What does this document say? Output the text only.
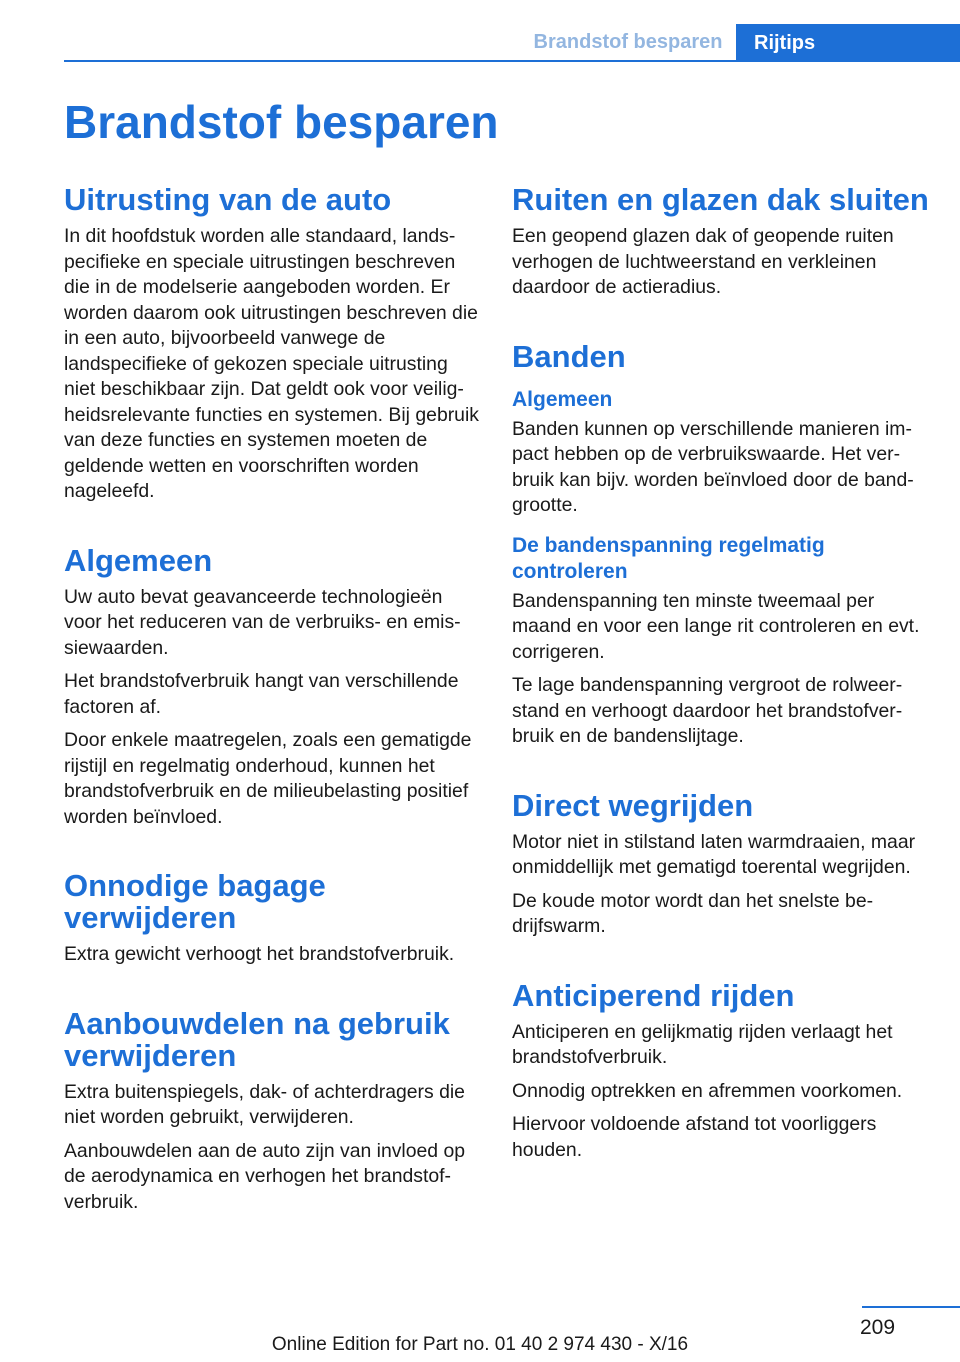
Brandstof besparen	Rijtips
Brandstof besparen
Uitrusting van de auto

In dit hoofdstuk worden alle standaard, landspecifieke en speciale uitrustingen beschreven die in de modelserie aangeboden worden. Er worden daarom ook uitrustingen beschreven die in een auto, bijvoorbeeld vanwege de landspecifieke of gekozen speciale uitrusting niet beschikbaar zijn. Dat geldt ook voor veiligheidsrelevante functies en systemen. Bij gebruik van deze functies en systemen moeten de geldende wetten en voorschriften worden nageleefd.

Algemeen

Uw auto bevat geavanceerde technologieën voor het reduceren van de verbruiks- en emissiewaarden.

Het brandstofverbruik hangt van verschillende factoren af.

Door enkele maatregelen, zoals een gematigde rijstijl en regelmatig onderhoud, kunnen het brandstofverbruik en de milieubelasting positief worden beïnvloed.

Onnodige bagage verwijderen

Extra gewicht verhoogt het brandstofverbruik.

Aanbouwdelen na gebruik verwijderen

Extra buitenspiegels, dak- of achterdragers die niet worden gebruikt, verwijderen.

Aanbouwdelen aan de auto zijn van invloed op de aerodynamica en verhogen het brandstofverbruik.

Ruiten en glazen dak sluiten

Een geopend glazen dak of geopende ruiten verhogen de luchtweerstand en verkleinen daardoor de actieradius.

Banden
Algemeen

Banden kunnen op verschillende manieren impact hebben op de verbruikswaarde. Het verbruik kan bijv. worden beïnvloed door de bandgrootte.

De bandenspanning regelmatig controleren

Bandenspanning ten minste tweemaal per maand en voor een lange rit controleren en evt. corrigeren.

Te lage bandenspanning vergroot de rolweerstand en verhoogt daardoor het brandstofverbruik en de bandenslijtage.

Direct wegrijden

Motor niet in stilstand laten warmdraaien, maar onmiddellijk met gematigd toerental wegrijden.

De koude motor wordt dan het snelste bedrijfswarm.

Anticiperend rijden

Anticiperen en gelijkmatig rijden verlaagt het brandstofverbruik.

Onnodig optrekken en afremmen voorkomen.

Hiervoor voldoende afstand tot voorliggers houden.

209
Online Edition for Part no. 01 40 2 974 430 - X/16
